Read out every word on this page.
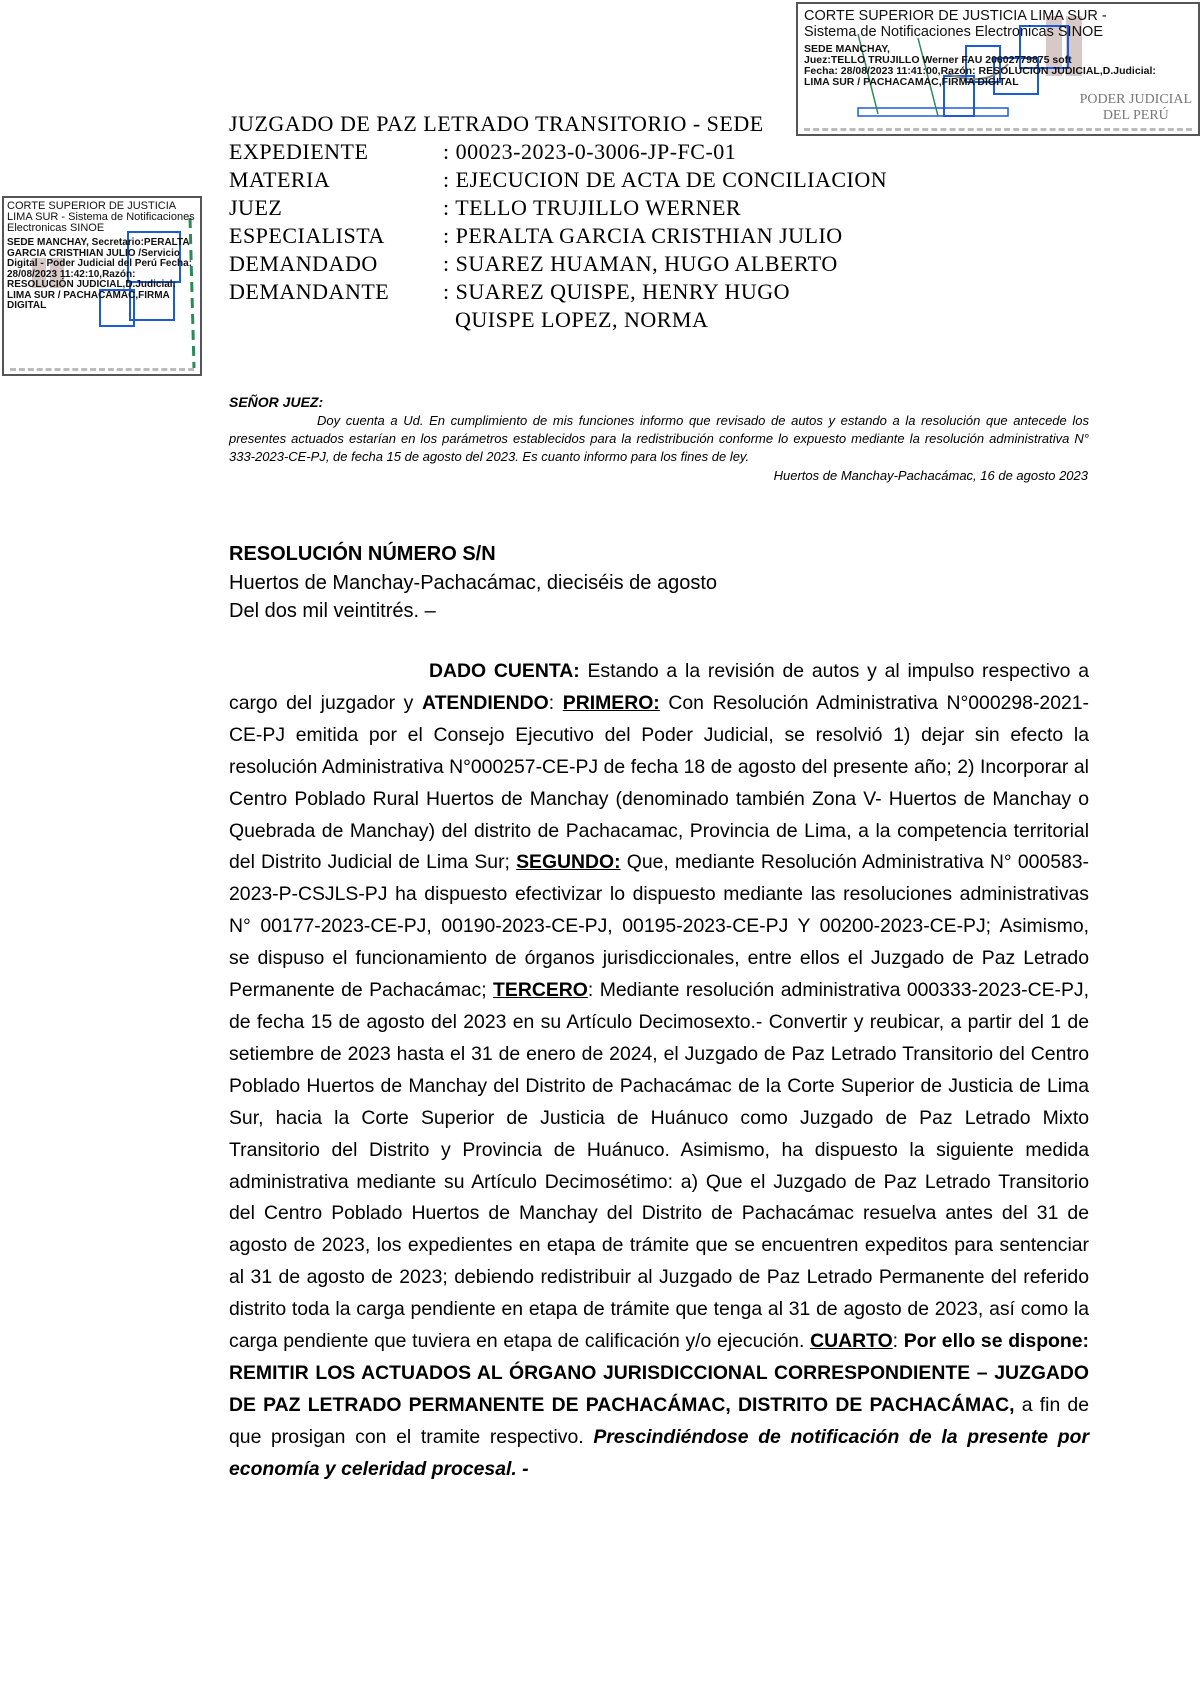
PODER JUDICIAL
DEL PERÚ
CORTE SUPERIOR DE JUSTICIA LIMA SUR -
Sistema de Notificaciones Electronicas SINOE
SEDE MANCHAY,
Juez:TELLO TRUJILLO Werner FAU 20602779875 soft
Fecha: 28/08/2023 11:41:00,Razón: RESOLUCIÓN JUDICIAL,D.Judicial:
LIMA SUR / PACHACAMAC,FIRMA DIGITAL
CORTE SUPERIOR DE JUSTICIA LIMA SUR - Sistema de Notificaciones Electronicas SINOE
SEDE MANCHAY, Secretario:PERALTA GARCIA CRISTHIAN JULIO /Servicio Digital - Poder Judicial del Perú Fecha: 28/08/2023 11:42:10,Razón: RESOLUCIÓN JUDICIAL,D.Judicial: LIMA SUR / PACHACAMAC,FIRMA DIGITAL
JUZGADO DE PAZ LETRADO TRANSITORIO - SEDE
EXPEDIENTE	: 00023-2023-0-3006-JP-FC-01
MATERIA	: EJECUCION DE ACTA DE CONCILIACION
JUEZ	: TELLO TRUJILLO WERNER
ESPECIALISTA	: PERALTA GARCIA CRISTHIAN JULIO
DEMANDADO	: SUAREZ HUAMAN, HUGO ALBERTO
DEMANDANTE	: SUAREZ QUISPE, HENRY HUGO
QUISPE LOPEZ, NORMA
SEÑOR JUEZ:
Doy cuenta a Ud. En cumplimiento de mis funciones informo que revisado de autos y estando a la resolución que antecede los presentes actuados estarían en los parámetros establecidos para la redistribución conforme lo expuesto mediante la resolución administrativa N° 333-2023-CE-PJ, de fecha 15 de agosto del 2023. Es cuanto informo para los fines de ley.
Huertos de Manchay-Pachacámac, 16 de agosto 2023
RESOLUCIÓN NÚMERO S/N
Huertos de Manchay-Pachacámac, dieciséis de agosto
Del dos mil veintitrés. –
DADO CUENTA: Estando a la revisión de autos y al impulso respectivo a cargo del juzgador y ATENDIENDO: PRIMERO: Con Resolución Administrativa N°000298-2021-CE-PJ emitida por el Consejo Ejecutivo del Poder Judicial, se resolvió 1) dejar sin efecto la resolución Administrativa N°000257-CE-PJ de fecha 18 de agosto del presente año; 2) Incorporar al Centro Poblado Rural Huertos de Manchay (denominado también Zona V- Huertos de Manchay o Quebrada de Manchay) del distrito de Pachacamac, Provincia de Lima, a la competencia territorial del Distrito Judicial de Lima Sur; SEGUNDO: Que, mediante Resolución Administrativa N° 000583-2023-P-CSJLS-PJ ha dispuesto efectivizar lo dispuesto mediante las resoluciones administrativas N° 00177-2023-CE-PJ, 00190-2023-CE-PJ, 00195-2023-CE-PJ Y 00200-2023-CE-PJ; Asimismo, se dispuso el funcionamiento de órganos jurisdiccionales, entre ellos el Juzgado de Paz Letrado Permanente de Pachacámac; TERCERO: Mediante resolución administrativa 000333-2023-CE-PJ, de fecha 15 de agosto del 2023 en su Artículo Decimosexto.- Convertir y reubicar, a partir del 1 de setiembre de 2023 hasta el 31 de enero de 2024, el Juzgado de Paz Letrado Transitorio del Centro Poblado Huertos de Manchay del Distrito de Pachacámac de la Corte Superior de Justicia de Lima Sur, hacia la Corte Superior de Justicia de Huánuco como Juzgado de Paz Letrado Mixto Transitorio del Distrito y Provincia de Huánuco. Asimismo, ha dispuesto la siguiente medida administrativa mediante su Artículo Decimosétimo: a) Que el Juzgado de Paz Letrado Transitorio del Centro Poblado Huertos de Manchay del Distrito de Pachacámac resuelva antes del 31 de agosto de 2023, los expedientes en etapa de trámite que se encuentren expeditos para sentenciar al 31 de agosto de 2023; debiendo redistribuir al Juzgado de Paz Letrado Permanente del referido distrito toda la carga pendiente en etapa de trámite que tenga al 31 de agosto de 2023, así como la carga pendiente que tuviera en etapa de calificación y/o ejecución. CUARTO: Por ello se dispone: REMITIR LOS ACTUADOS AL ÓRGANO JURISDICCIONAL CORRESPONDIENTE – JUZGADO DE PAZ LETRADO PERMANENTE DE PACHACÁMAC, DISTRITO DE PACHACÁMAC, a fin de que prosigan con el tramite respectivo. Prescindiéndose de notificación de la presente por economía y celeridad procesal. -
